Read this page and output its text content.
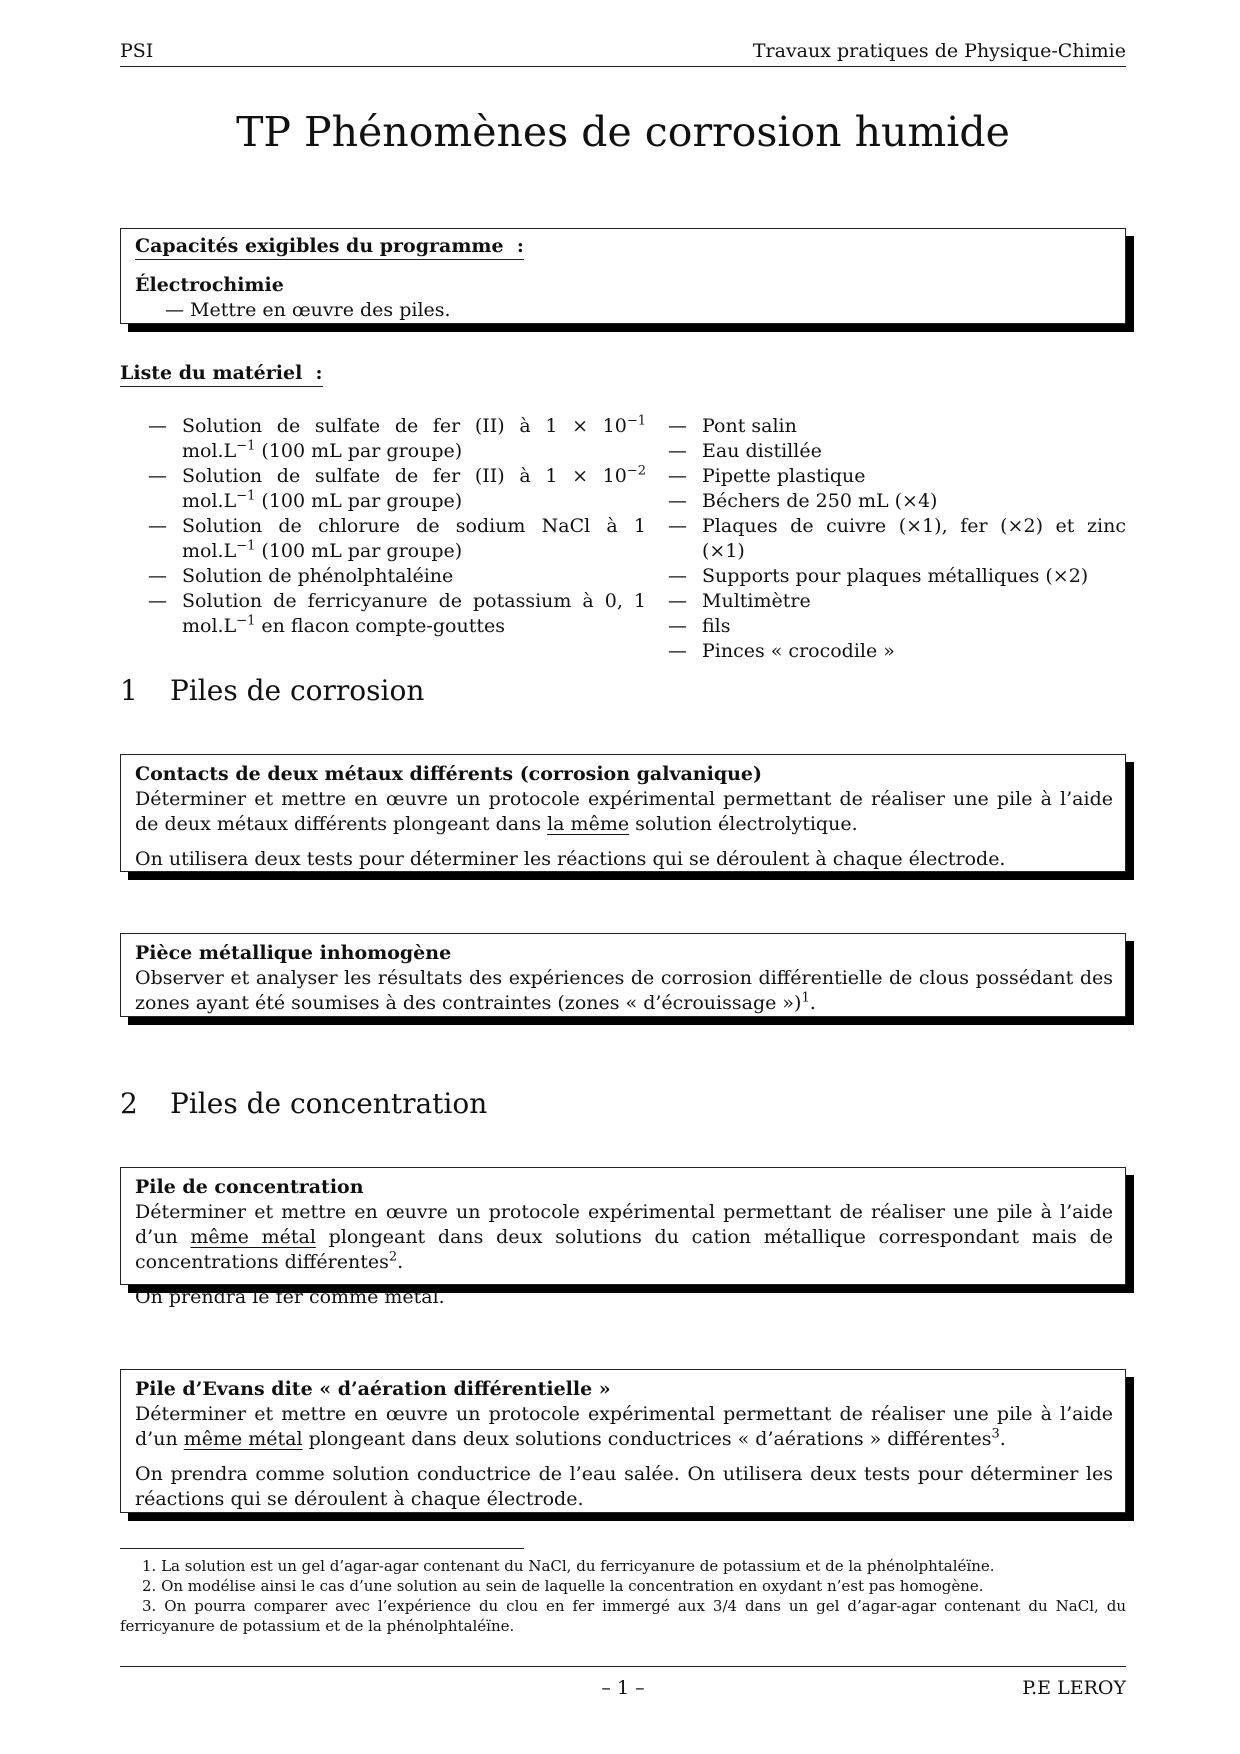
PSI	Travaux pratiques de Physique-Chimie
TP Phénomènes de corrosion humide
Capacités exigibles du programme  :
Électrochimie
— Mettre en œuvre des piles.
Liste du matériel  :
— Solution de sulfate de fer (II) à $1 \times 10^{-1}$ $mol.L^{-1}$ (100 mL par groupe)
— Solution de sulfate de fer (II) à $1 \times 10^{-2}$ $mol.L^{-1}$ (100 mL par groupe)
— Solution de chlorure de sodium NaCl à 1 $mol.L^{-1}$ (100 mL par groupe)
— Solution de phénolphtaléine
— Solution de ferricyanure de potassium à 0, 1 $mol.L^{-1}$ en flacon compte-gouttes
— Pont salin
— Eau distillée
— Pipette plastique
— Béchers de 250 mL (×4)
— Plaques de cuivre (×1), fer (×2) et zinc (×1)
— Supports pour plaques métalliques (×2)
— Multimètre
— fils
— Pinces « crocodile »
1 Piles de corrosion
Contacts de deux métaux différents (corrosion galvanique)

Déterminer et mettre en œuvre un protocole expérimental permettant de réaliser une pile à l’aide de deux métaux différents plongeant dans la même solution électrolytique.

On utilisera deux tests pour déterminer les réactions qui se déroulent à chaque électrode.

Pièce métallique inhomogène

Observer et analyser les résultats des expériences de corrosion différentielle de clous possédant des zones ayant été soumises à des contraintes (zones « d’écrouissage »)$^1$.

2 Piles de concentration
Pile de concentration

Déterminer et mettre en œuvre un protocole expérimental permettant de réaliser une pile à l’aide d’un même métal plongeant dans deux solutions du cation métallique correspondant mais de concentrations différentes$^2$.

On prendra le fer comme métal.

Pile d’Evans dite « d’aération différentielle »

Déterminer et mettre en œuvre un protocole expérimental permettant de réaliser une pile à l’aide d’un même métal plongeant dans deux solutions conductrices « d’aérations » différentes$^3$.

On prendra comme solution conductrice de l’eau salée. On utilisera deux tests pour déterminer les réactions qui se déroulent à chaque électrode.

1. La solution est un gel d’agar-agar contenant du NaCl, du ferricyanure de potassium et de la phénolphtaléïne.
2. On modélise ainsi le cas d’une solution au sein de laquelle la concentration en oxydant n’est pas homogène.
3. On pourra comparer avec l’expérience du clou en fer immergé aux 3/4 dans un gel d’agar-agar contenant du NaCl, du ferricyanure de potassium et de la phénolphtaléïne.
– 1 –	P.E LEROY
